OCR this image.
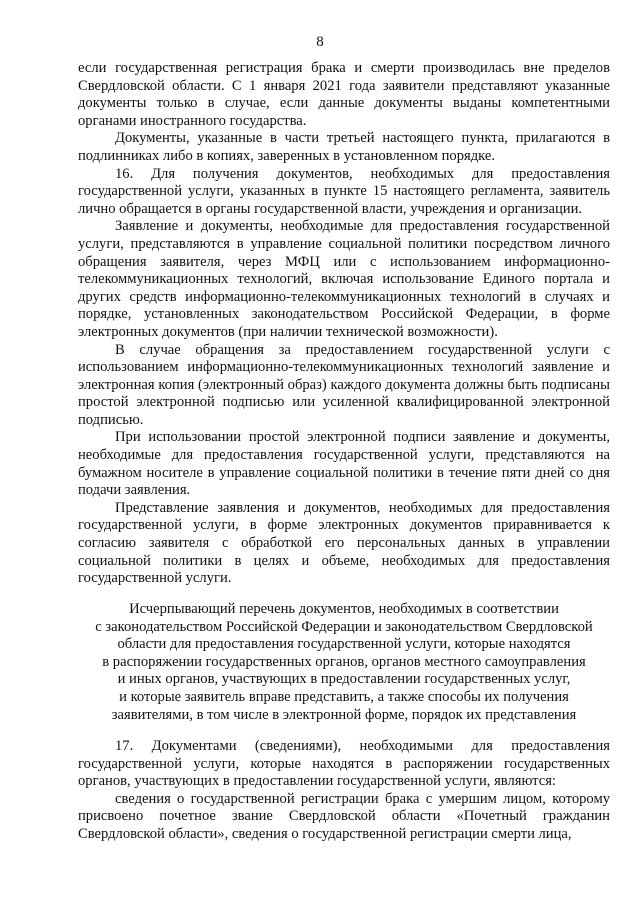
8

если государственная регистрация брака и смерти производилась вне пределов Свердловской области. С 1 января 2021 года заявители представляют указанные документы только в случае, если данные документы выданы компетентными органами иностранного государства.

Документы, указанные в части третьей настоящего пункта, прилагаются в подлинниках либо в копиях, заверенных в установленном порядке.

16. Для получения документов, необходимых для предоставления государственной услуги, указанных в пункте 15 настоящего регламента, заявитель лично обращается в органы государственной власти, учреждения и организации.

Заявление и документы, необходимые для предоставления государственной услуги, представляются в управление социальной политики посредством личного обращения заявителя, через МФЦ или с использованием информационно-телекоммуникационных технологий, включая использование Единого портала и других средств информационно-телекоммуникационных технологий в случаях и порядке, установленных законодательством Российской Федерации, в форме электронных документов (при наличии технической возможности).

В случае обращения за предоставлением государственной услуги с использованием информационно-телекоммуникационных технологий заявление и электронная копия (электронный образ) каждого документа должны быть подписаны простой электронной подписью или усиленной квалифицированной электронной подписью.

При использовании простой электронной подписи заявление и документы, необходимые для предоставления государственной услуги, представляются на бумажном носителе в управление социальной политики в течение пяти дней со дня подачи заявления.

Представление заявления и документов, необходимых для предоставления государственной услуги, в форме электронных документов приравнивается к согласию заявителя с обработкой его персональных данных в управлении социальной политики в целях и объеме, необходимых для предоставления государственной услуги.

Исчерпывающий перечень документов, необходимых в соответствии
с законодательством Российской Федерации и законодательством Свердловской
области для предоставления государственной услуги, которые находятся
в распоряжении государственных органов, органов местного самоуправления
и иных органов, участвующих в предоставлении государственных услуг,
и которые заявитель вправе представить, а также способы их получения
заявителями, в том числе в электронной форме, порядок их представления

17. Документами (сведениями), необходимыми для предоставления государственной услуги, которые находятся в распоряжении государственных органов, участвующих в предоставлении государственной услуги, являются:

сведения о государственной регистрации брака с умершим лицом, которому присвоено почетное звание Свердловской области «Почетный гражданин Свердловской области», сведения о государственной регистрации смерти лица,
